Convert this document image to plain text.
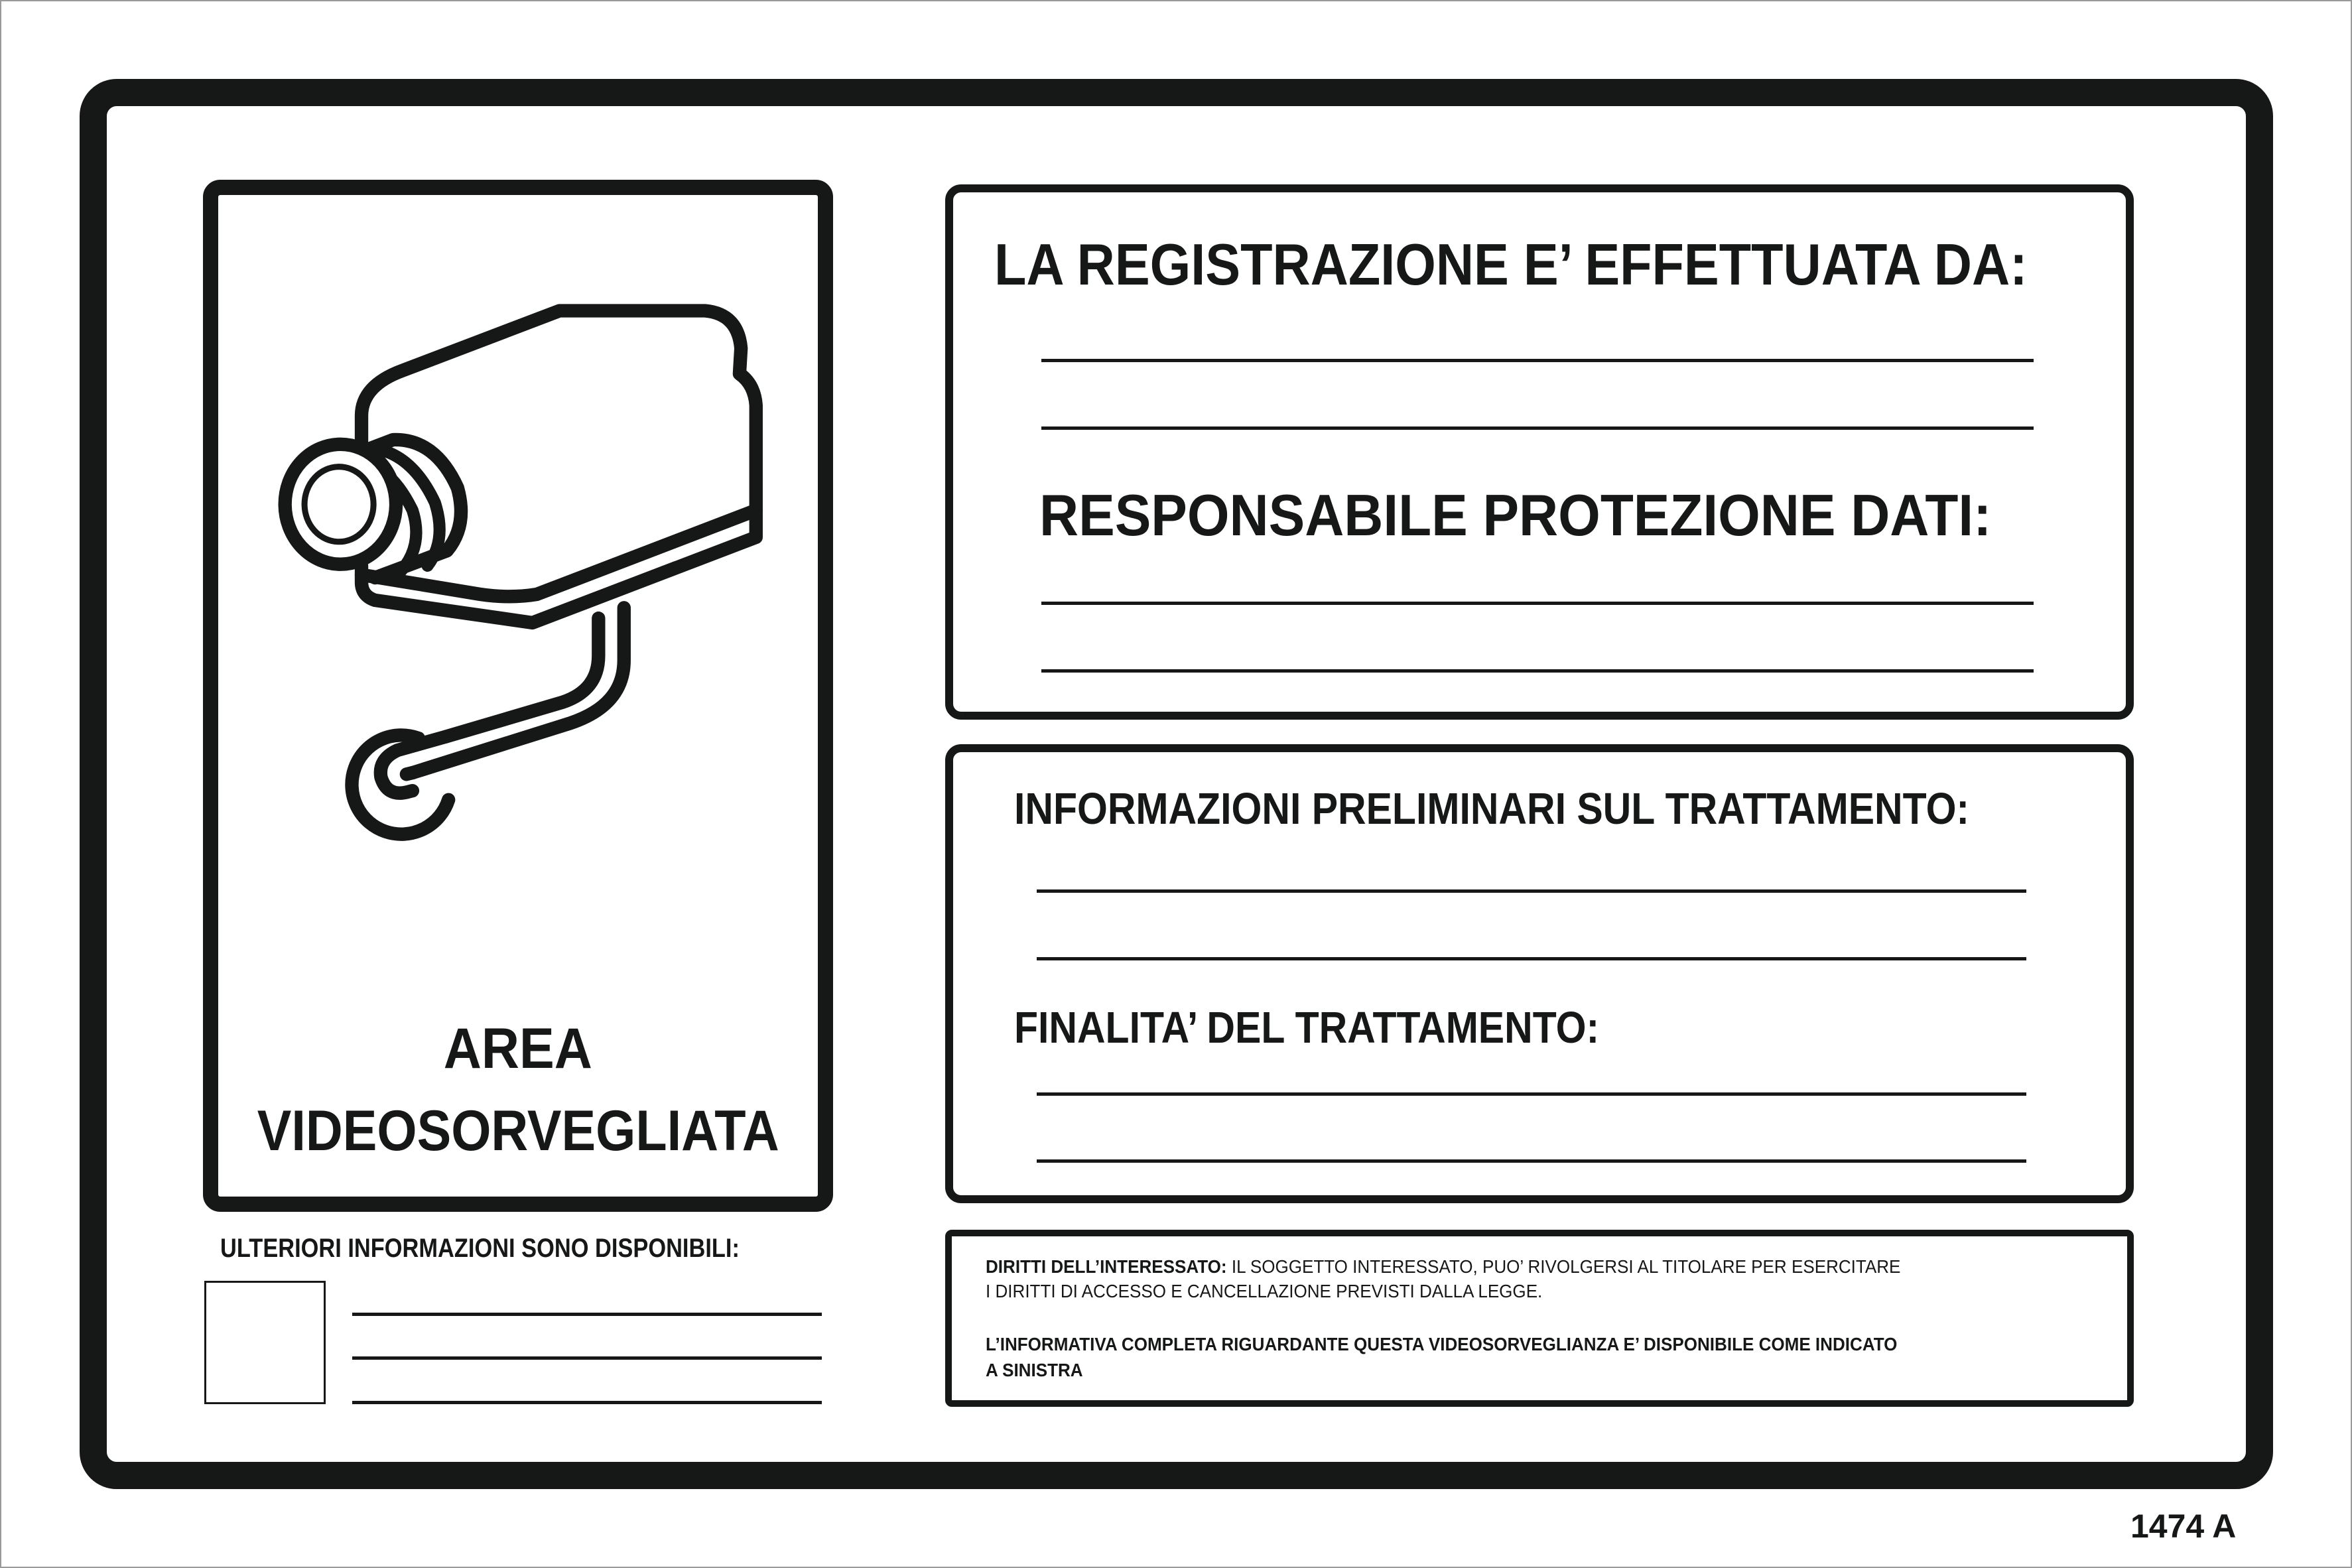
AREA
VIDEOSORVEGLIATA
ULTERIORI INFORMAZIONI SONO DISPONIBILI:
LA REGISTRAZIONE E’ EFFETTUATA DA:
RESPONSABILE PROTEZIONE DATI:
INFORMAZIONI PRELIMINARI SUL TRATTAMENTO:
FINALITA’ DEL TRATTAMENTO:
DIRITTI DELL’INTERESSATO: IL SOGGETTO INTERESSATO, PUO’ RIVOLGERSI AL TITOLARE PER ESERCITARE
I DIRITTI DI ACCESSO E CANCELLAZIONE PREVISTI DALLA LEGGE.
L’INFORMATIVA COMPLETA RIGUARDANTE QUESTA VIDEOSORVEGLIANZA E’ DISPONIBILE COME INDICATO
A SINISTRA
1474 A
